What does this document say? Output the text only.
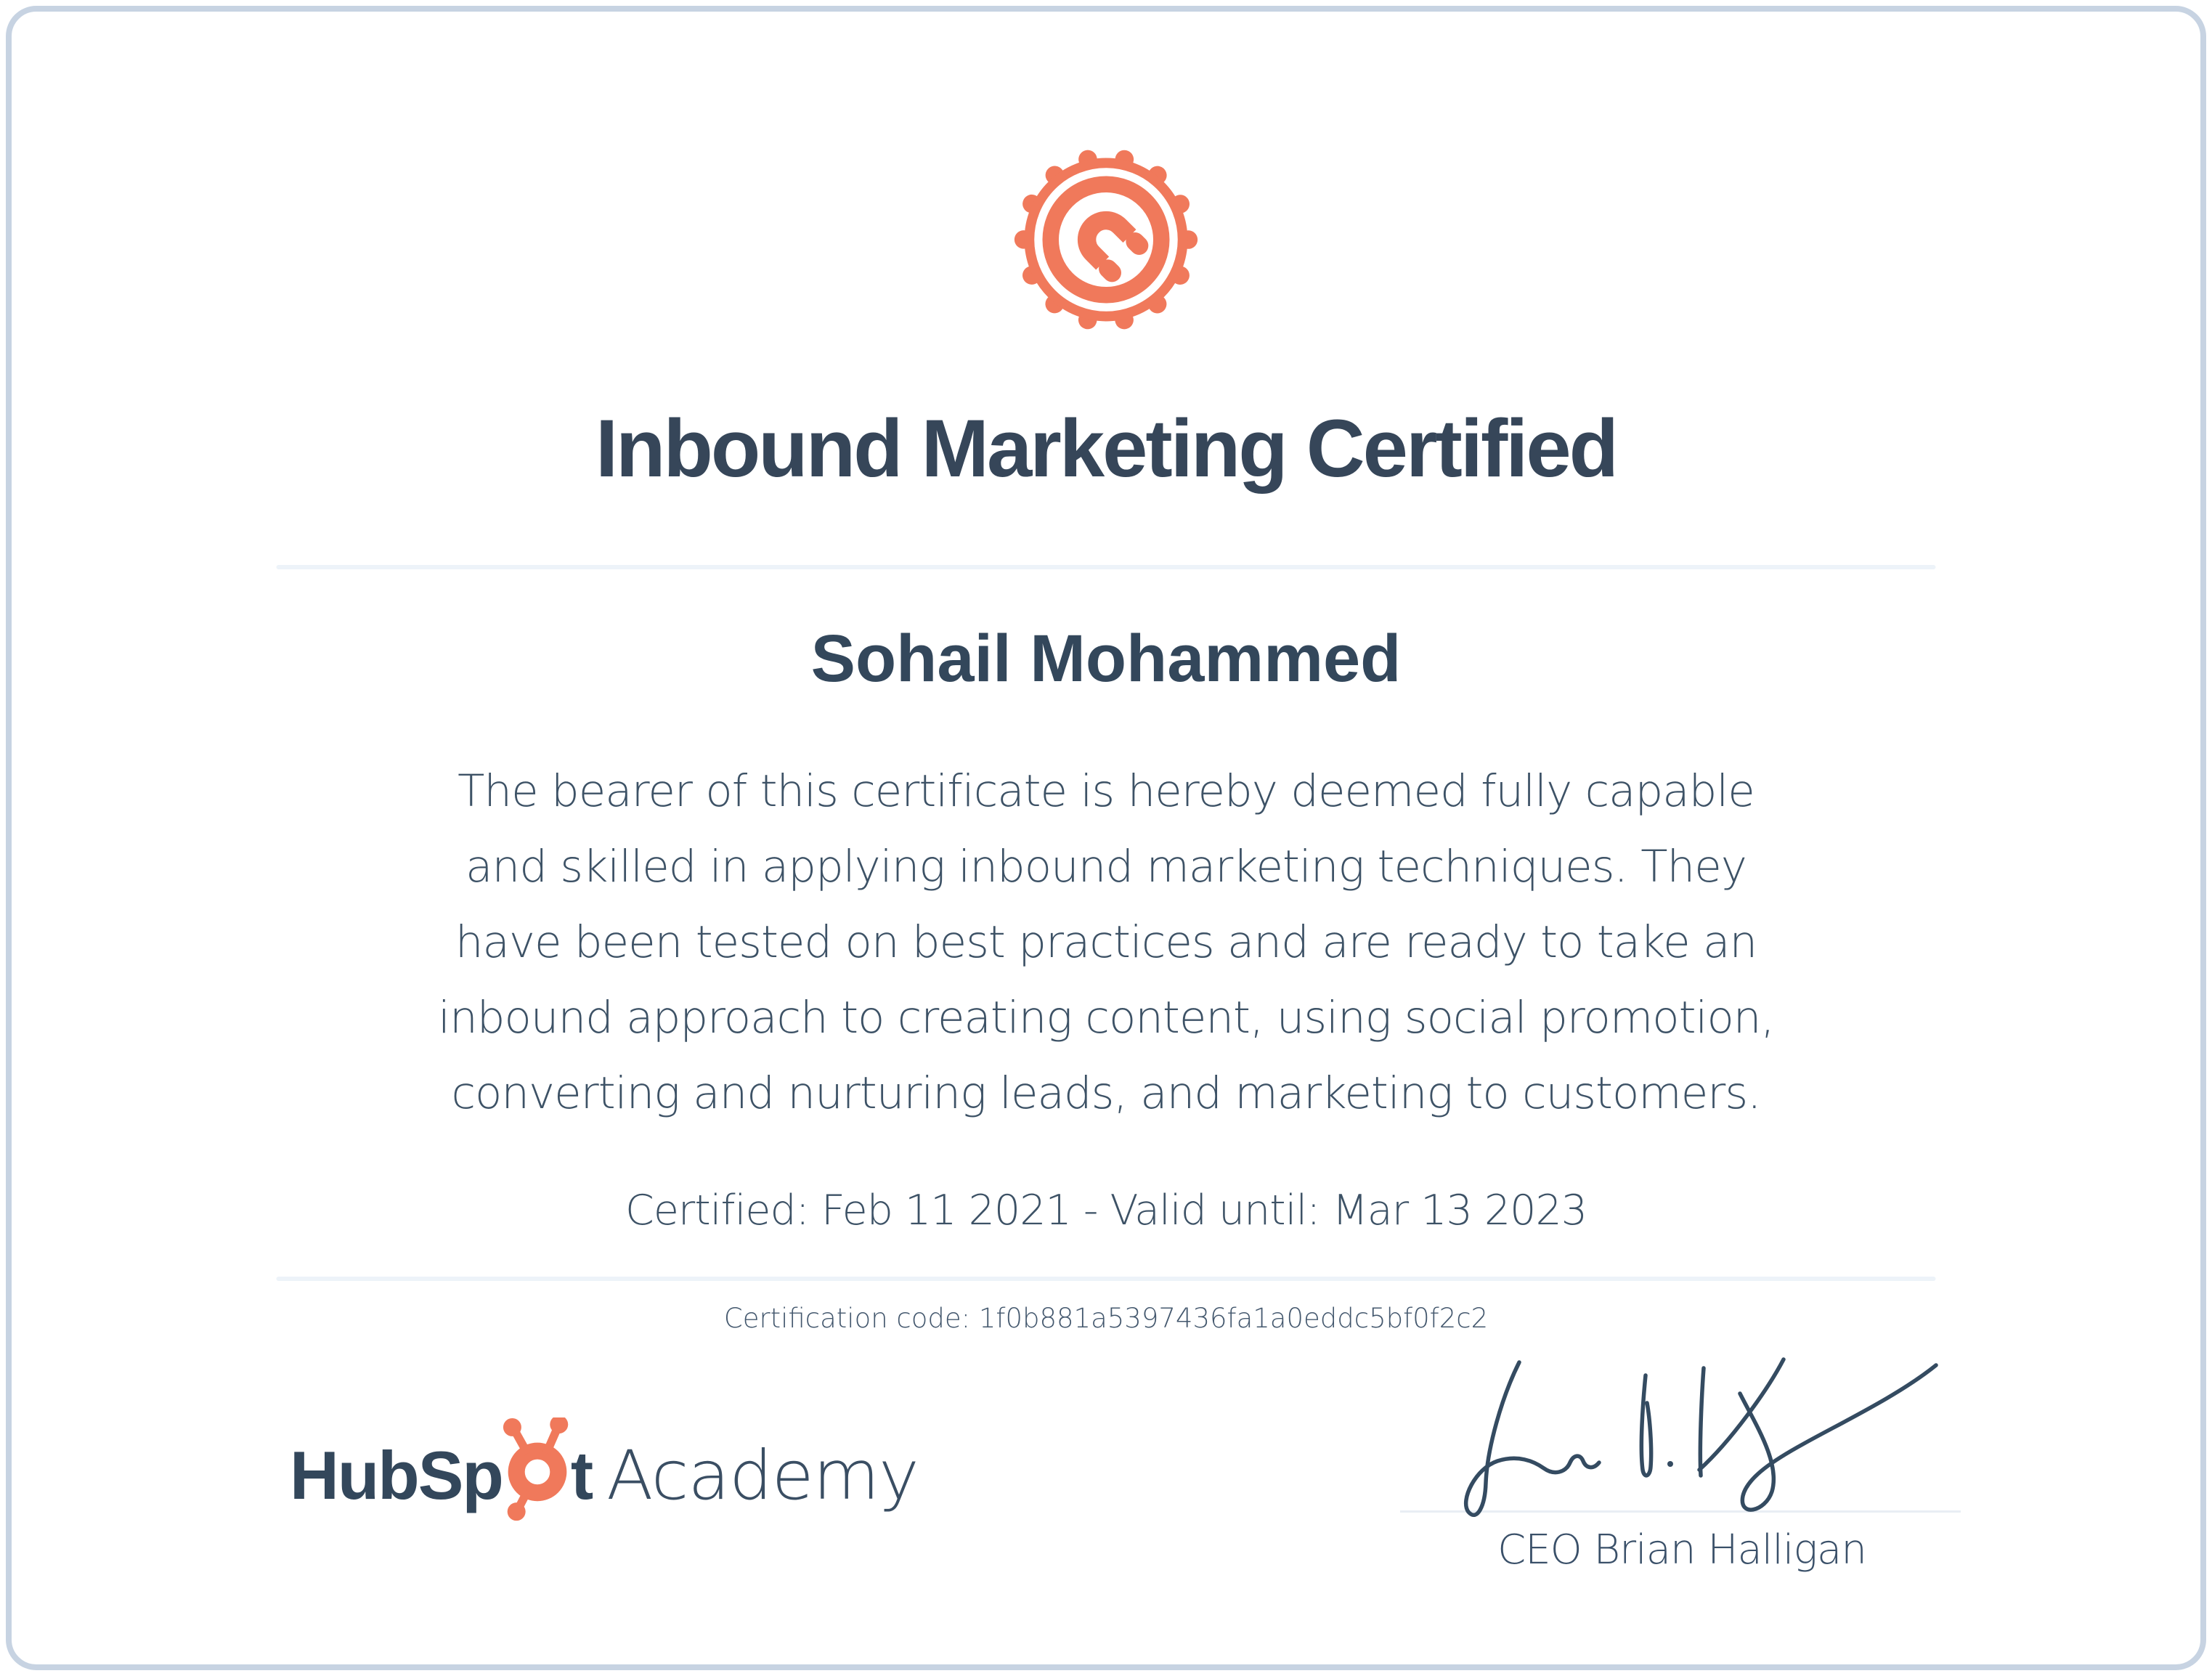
Inbound Marketing Certified
Sohail Mohammed
The bearer of this certificate is hereby deemed fully capable
and skilled in applying inbound marketing techniques. They
have been tested on best practices and are ready to take an
inbound approach to creating content, using social promotion,
converting and nurturing leads, and marketing to customers.
Certified: Feb 11 2021 - Valid until: Mar 13 2023
Certification code: 1f0b881a5397436fa1a0eddc5bf0f2c2
HubSp t Academy
CEO Brian Halligan
